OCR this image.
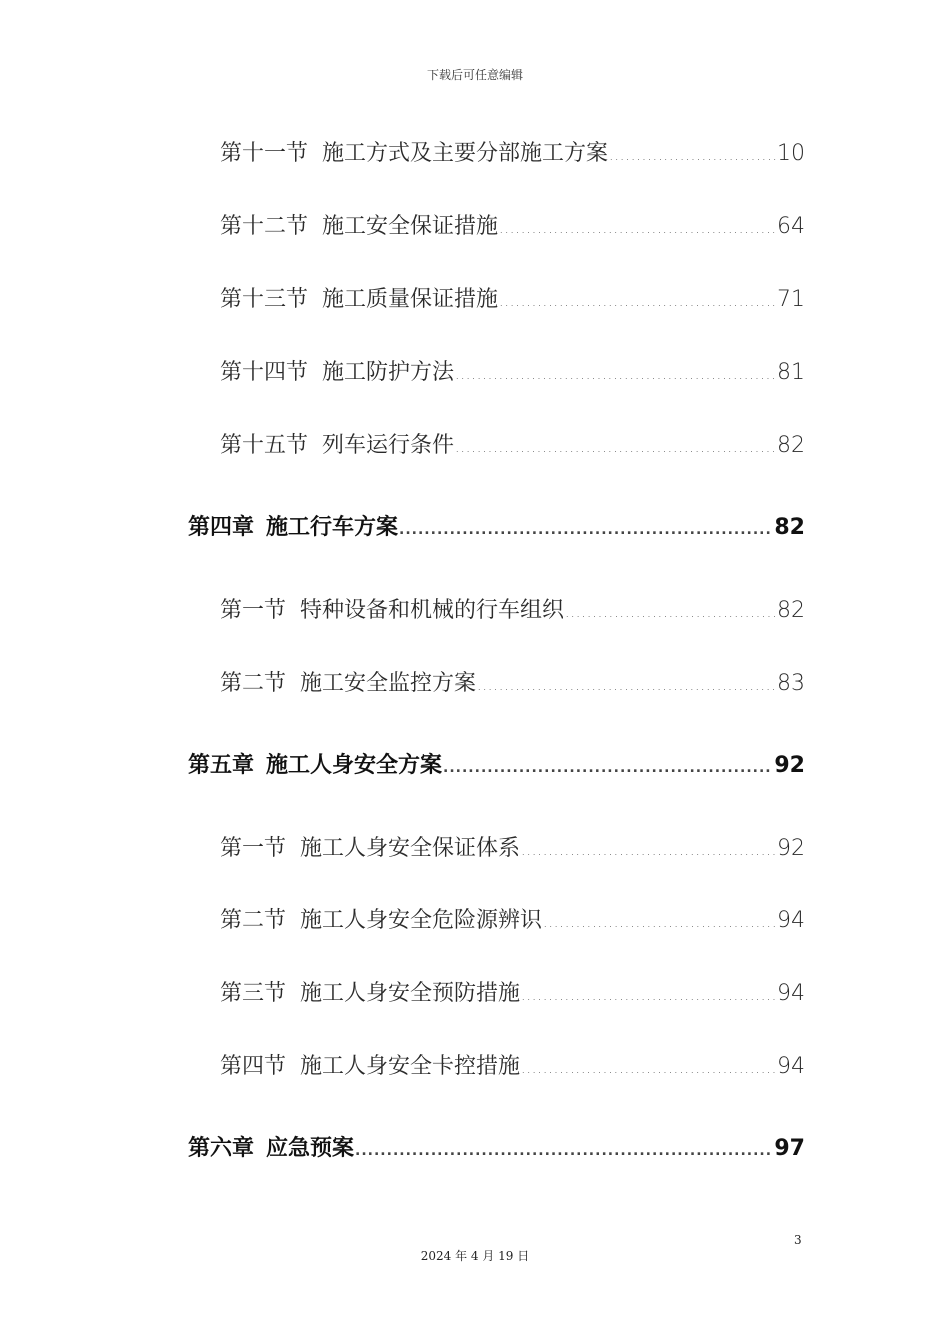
下载后可任意编辑
第十一节 施工方式及主要分部施工方案 .....	10
第十二节 施工安全保证措施 .....	64
第十三节 施工质量保证措施 .....	71
第十四节 施工防护方法 .....	81
第十五节 列车运行条件 .....	82
第四章 施工行车方案 .....	82
第一节 特种设备和机械的行车组织 .....	82
第二节 施工安全监控方案 .....	83
第五章 施工人身安全方案 .....	92
第一节 施工人身安全保证体系 .....	92
第二节 施工人身安全危险源辨识 .....	94
第三节 施工人身安全预防措施 .....	94
第四节 施工人身安全卡控措施 .....	94
第六章 应急预案 .....	97
3
2024 年 4 月 19 日
